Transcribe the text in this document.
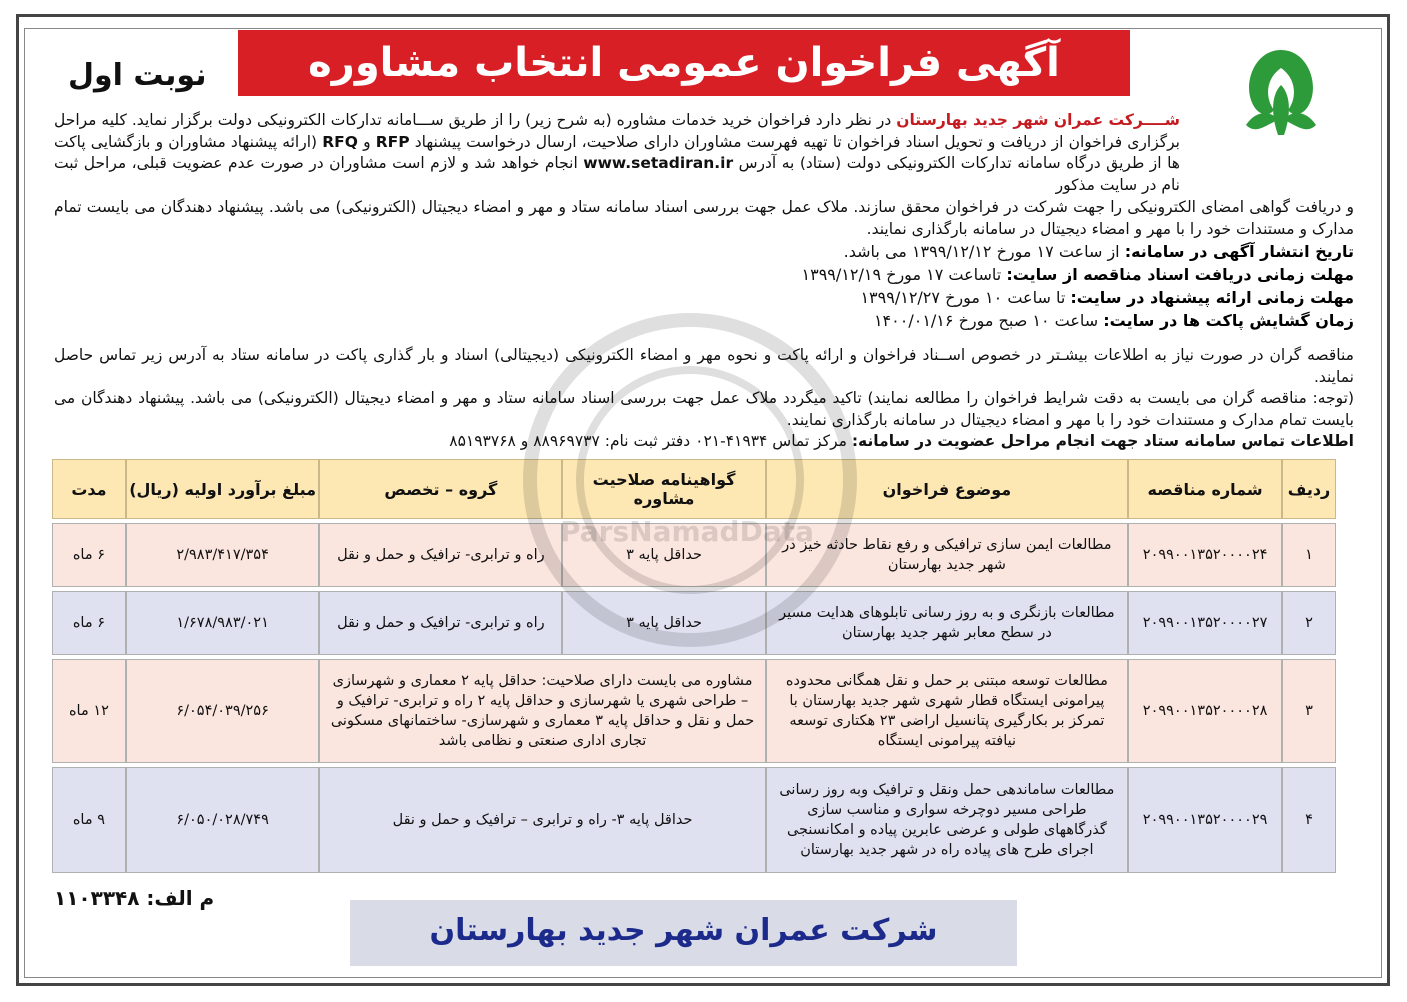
آگهی فراخوان عمومی انتخاب مشاوره
نوبت اول
شــــرکت عمران شهر جدید بهارستان در نظر دارد فراخوان خرید خدمات مشاوره (به شرح زیر) را از طریق ســـامانه تدارکات الکترونیکی دولت برگزار نماید. کلیه مراحل برگزاری فراخوان از دریافت و تحویل اسناد فراخوان تا تهیه فهرست مشاوران دارای صلاحیت، ارسال درخواست پیشنهاد RFP و RFQ (ارائه پیشنهاد مشاوران و بازگشایی پاکت ها از طریق درگاه سامانه تدارکات الکترونیکی دولت (ستاد) به آدرس www.setadiran.ir انجام خواهد شد و لازم است مشاوران در صورت عدم عضویت قبلی، مراحل ثبت نام در سایت مذکور
و دریافت گواهی امضای الکترونیکی را جهت شرکت در فراخوان محقق سازند. ملاک عمل جهت بررسی اسناد سامانه ستاد و مهر و امضاء دیجیتال (الکترونیکی) می باشد. پیشنهاد دهندگان می بایست تمام مدارک و مستندات خود را با مهر و امضاء دیجیتال در سامانه بارگذاری نمایند.
تاریخ انتشار آگهی در سامانه: از ساعت ۱۷ مورخ ۱۳۹۹/۱۲/۱۲ می باشد.
مهلت زمانی دریافت اسناد مناقصه از سایت: تاساعت ۱۷ مورخ ۱۳۹۹/۱۲/۱۹
مهلت زمانی ارائه پیشنهاد در سایت: تا ساعت ۱۰ مورخ ۱۳۹۹/۱۲/۲۷
زمان گشایش پاکت ها در سایت: ساعت ۱۰ صبح مورخ ۱۴۰۰/۰۱/۱۶
مناقصه گران در صورت نیاز به اطلاعات بیشـتر در خصوص اســناد فراخوان و ارائه پاکت و نحوه مهر و امضاء الکترونیکی (دیجیتالی) اسناد و بار گذاری پاکت در سامانه ستاد به آدرس زیر تماس حاصل نمایند.
(توجه: مناقصه گران می بایست به دقت شرایط فراخوان را مطالعه نمایند) تاکید میگردد ملاک عمل جهت بررسی اسناد سامانه ستاد و مهر و امضاء دیجیتال (الکترونیکی) می باشد. پیشنهاد دهندگان می بایست تمام مدارک و مستندات خود را با مهر و امضاء دیجیتال در سامانه بارگذاری نمایند.
اطلاعات تماس سامانه ستاد جهت انجام مراحل عضویت در سامانه: مرکز تماس ۴۱۹۳۴-۰۲۱ دفتر ثبت نام: ۸۸۹۶۹۷۳۷ و ۸۵۱۹۳۷۶۸
ردیف	شماره مناقصه	موضوع فراخوان	گواهینامه صلاحیت مشاوره	گروه – تخصص	مبلغ برآورد اولیه (ریال)	مدت
۱	۲۰۹۹۰۰۱۳۵۲۰۰۰۰۲۴	مطالعات ایمن سازی ترافیکی و رفع نقاط حادثه خیز در شهر جدید بهارستان	حداقل پایه ۳	راه و ترابری- ترافیک و حمل و نقل	۲/۹۸۳/۴۱۷/۳۵۴	۶ ماه
۲	۲۰۹۹۰۰۱۳۵۲۰۰۰۰۲۷	مطالعات بازنگری و به روز رسانی تابلوهای هدایت مسیر در سطح معابر شهر جدید بهارستان	حداقل پایه ۳	راه و ترابری- ترافیک و حمل و نقل	۱/۶۷۸/۹۸۳/۰۲۱	۶ ماه
۳	۲۰۹۹۰۰۱۳۵۲۰۰۰۰۲۸	مطالعات توسعه مبتنی بر حمل و نقل همگانی محدوده پیرامونی ایستگاه قطار شهری شهر جدید بهارستان با تمرکز بر بکارگیری پتانسیل اراضی ۲۳ هکتاری توسعه نیافته پیرامونی ایستگاه	مشاوره می بایست دارای صلاحیت: حداقل پایه ۲ معماری و شهرسازی – طراحی شهری یا شهرسازی و حداقل پایه ۲ راه و ترابری- ترافیک و حمل و نقل و حداقل پایه ۳ معماری و شهرسازی- ساختمانهای مسکونی تجاری اداری صنعتی و نظامی باشد		۶/۰۵۴/۰۳۹/۲۵۶	۱۲ ماه
۴	۲۰۹۹۰۰۱۳۵۲۰۰۰۰۲۹	مطالعات ساماندهی حمل ونقل و ترافیک وبه روز رسانی طراحی مسیر دوچرخه سواری و مناسب سازی گذرگاههای طولی و عرضی عابرین پیاده و امکانسنجی اجرای طرح های پیاده راه در شهر جدید بهارستان	حداقل پایه ۳- راه و ترابری – ترافیک و حمل و نقل		۶/۰۵۰/۰۲۸/۷۴۹	۹ ماه
ParsNamadData
م الف: ۱۱۰۳۳۴۸
شرکت عمران شهر جدید بهارستان
